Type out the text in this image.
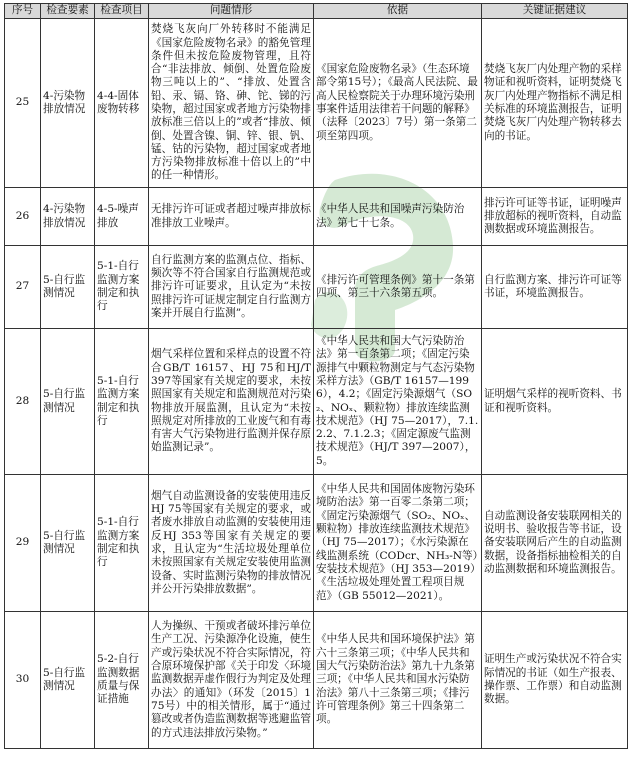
序号	检查要素	检查项目	问题情形	依据	关键证据建议
25	4-污染物排放情况	4-4-固体废物转移	焚烧飞灰向厂外转移时不能满足《国家危险废物名录》的豁免管理条件但未按危险废物管理，且符合“非法排放、倾倒、处置危险废物三吨以上的”、“排放、处置含铅、汞、镉、铬、砷、铊、锑的污染物，超过国家或者地方污染物排放标准三倍以上的”或者“排放、倾倒、处置含镍、铜、锌、银、钒、锰、钴的污染物，超过国家或者地方污染物排放标准十倍以上的”中的任一种情形。	《国家危险废物名录》（生态环境部令第15号）；《最高人民法院、最高人民检察院关于办理环境污染刑事案件适用法律若干问题的解释》（法释〔2023〕7号）第一条第二项至第四项。	焚烧飞灰厂内处理产物的采样物证和视听资料，证明焚烧飞灰厂内处理产物指标不满足相关标准的环境监测报告，证明焚烧飞灰厂内处理产物转移去向的书证。
26	4-污染物排放情况	4-5-噪声排放	无排污许可证或者超过噪声排放标准排放工业噪声。	《中华人民共和国噪声污染防治法》第七十七条。	排污许可证等书证，证明噪声排放超标的视听资料，自动监测数据或环境监测报告。
27	5-自行监测情况	5-1-自行监测方案制定和执行	自行监测方案的监测点位、指标、频次等不符合国家自行监测规范或排污许可证要求，且认定为“未按照排污许可证规定制定自行监测方案并开展自行监测”。	《排污许可管理条例》第十一条第四项、第三十六条第五项。	自行监测方案、排污许可证等书证，环境监测报告。
28	5-自行监测情况	5-1-自行监测方案制定和执行	烟气采样位置和采样点的设置不符合GB/T 16157、HJ 75和HJ/T 397等国家有关规定的要求，未按照国家有关规定和监测规范对污染物排放开展监测，且认定为“未按照规定对所排放的工业废气和有毒有害大气污染物进行监测并保存原始监测记录”。	《中华人民共和国大气污染防治法》第一百条第二项；《固定污染源排气中颗粒物测定与气态污染物采样方法》（GB/T 16157—1996），4.2；《固定污染源烟气（SO₂、NOₓ、颗粒物）排放连续监测技术规范》（HJ 75—2017），7.1.2.2、7.1.2.3；《固定源废气监测技术规范》（HJ/T 397—2007），5。	证明烟气采样的视听资料、书证和视听资料。
29	5-自行监测情况	5-1-自行监测方案制定和执行	烟气自动监测设备的安装使用违反HJ 75等国家有关规定的要求，或者废水排放自动监测的安装使用违反HJ 353等国家有关规定的要求，且认定为“生活垃圾处理单位未按照国家有关规定安装使用监测设备、实时监测污染物的排放情况并公开污染排放数据”。	《中华人民共和国固体废物污染环境防治法》第一百零二条第二项；《固定污染源烟气（SO₂、NOₓ、颗粒物）排放连续监测技术规范》（HJ 75—2017）；《水污染源在线监测系统（CODcr、NH₃-N等）安装技术规范》（HJ 353—2019）《生活垃圾处理处置工程项目规范》（GB 55012—2021）。	自动监测设备安装联网相关的说明书、验收报告等书证，设备安装联网后产生的自动监测数据，设备指标抽检相关的自动监测数据和环境监测报告。
30	5-自行监测情况	5-2-自行监测数据质量与保证措施	人为操纵、干预或者破坏排污单位生产工况、污染源净化设施，使生产或污染状况不符合实际情况，符合原环境保护部《关于印发〈环境监测数据弄虚作假行为判定及处理办法〉的通知》（环发〔2015〕175号）中的相关情形，属于“通过篡改或者伪造监测数据等逃避监管的方式违法排放污染物。”	《中华人民共和国环境保护法》第六十三条第三项；《中华人民共和国大气污染防治法》第九十九条第三项；《中华人民共和国水污染防治法》第八十三条第三项；《排污许可管理条例》第三十四条第二项。	证明生产或污染状况不符合实际情况的书证（如生产报表、操作票、工作票）和自动监测数据。
